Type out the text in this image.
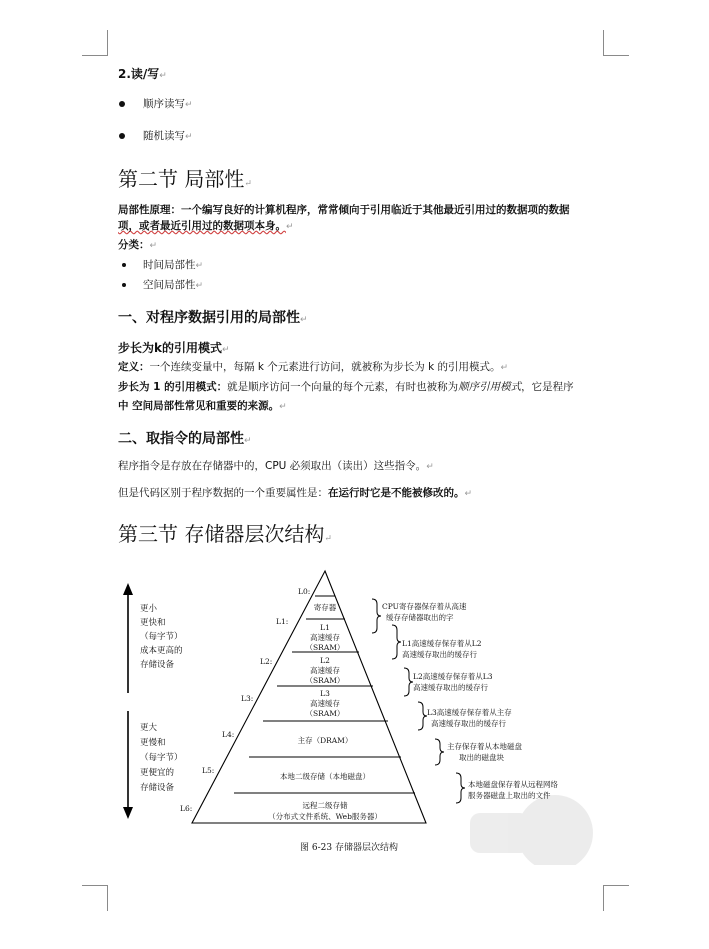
2.读/写↵
顺序读写↵
随机读写↵
第二节 局部性↵
局部性原理：一个编写良好的计算机程序，常常倾向于引用临近于其他最近引用过的数据项的数据
项，或者最近引用过的数据项本身。↵
分类：↵
时间局部性↵
空间局部性↵
一、对程序数据引用的局部性↵
步长为k的引用模式↵
定义：一个连续变量中，每隔 k 个元素进行访问，就被称为步长为 k 的引用模式。↵
步长为 1 的引用模式：就是顺序访问一个向量的每个元素，有时也被称为顺序引用模式，它是程序
中 空间局部性常见和重要的来源。↵
二、取指令的局部性↵
程序指令是存放在存储器中的，CPU 必须取出（读出）这些指令。↵
但是代码区别于程序数据的一个重要属性是：在运行时它是不能被修改的。↵
第三节 存储器层次结构↵
更小
更快和
（每字节）
成本更高的
存储设备
更大
更慢和
（每字节）
更便宜的
存储设备
L0:
L1:
L2:
L3:
L4:
L5:
L6:
寄存器
L1
高速缓存
（SRAM）
L2
高速缓存
（SRAM）
L3
高速缓存
（SRAM）
主存（DRAM）
本地二级存储（本地磁盘）
远程二级存储
（分布式文件系统、Web服务器）
CPU寄存器保存着从高速
缓存存储器取出的字
L1高速缓存保存着从L2
高速缓存取出的缓存行
L2高速缓存保存着从L3
高速缓存取出的缓存行
L3高速缓存保存着从主存
高速缓存取出的缓存行
主存保存着从本地磁盘
取出的磁盘块
本地磁盘保存着从远程网络
服务器磁盘上取出的文件
图 6-23 存储器层次结构
